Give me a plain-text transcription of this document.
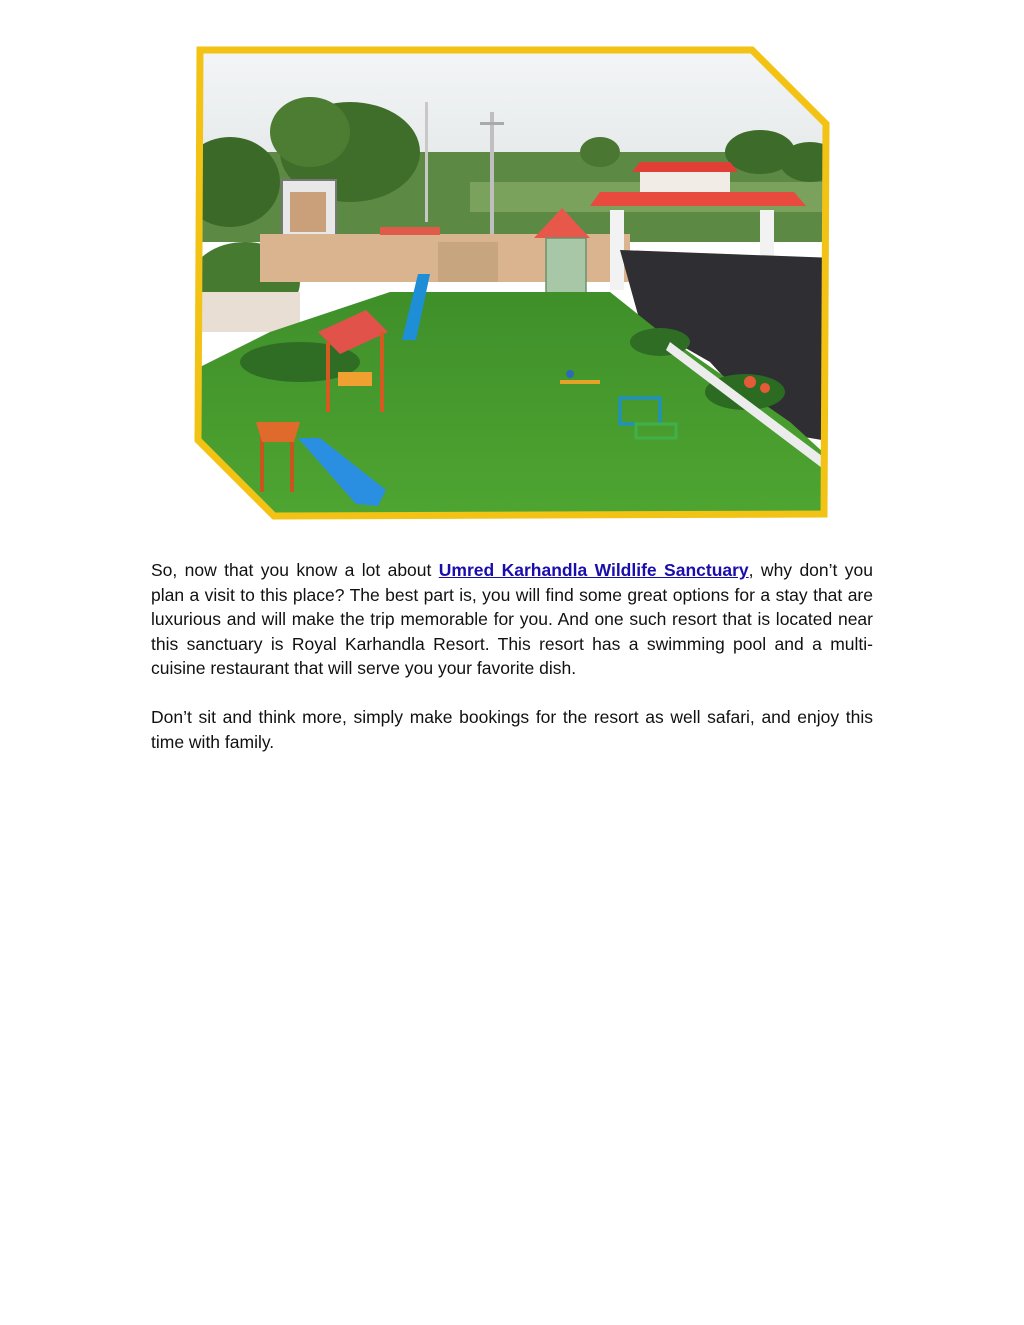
So, now that you know a lot about Umred Karhandla Wildlife Sanctuary, why don’t you plan a visit to this place? The best part is, you will find some great options for a stay that are luxurious and will make the trip memorable for you. And one such resort that is located near this sanctuary is Royal Karhandla Resort. This resort has a swimming pool and a multi-cuisine restaurant that will serve you your favorite dish.

Don’t sit and think more, simply make bookings for the resort as well safari, and enjoy this time with family.
